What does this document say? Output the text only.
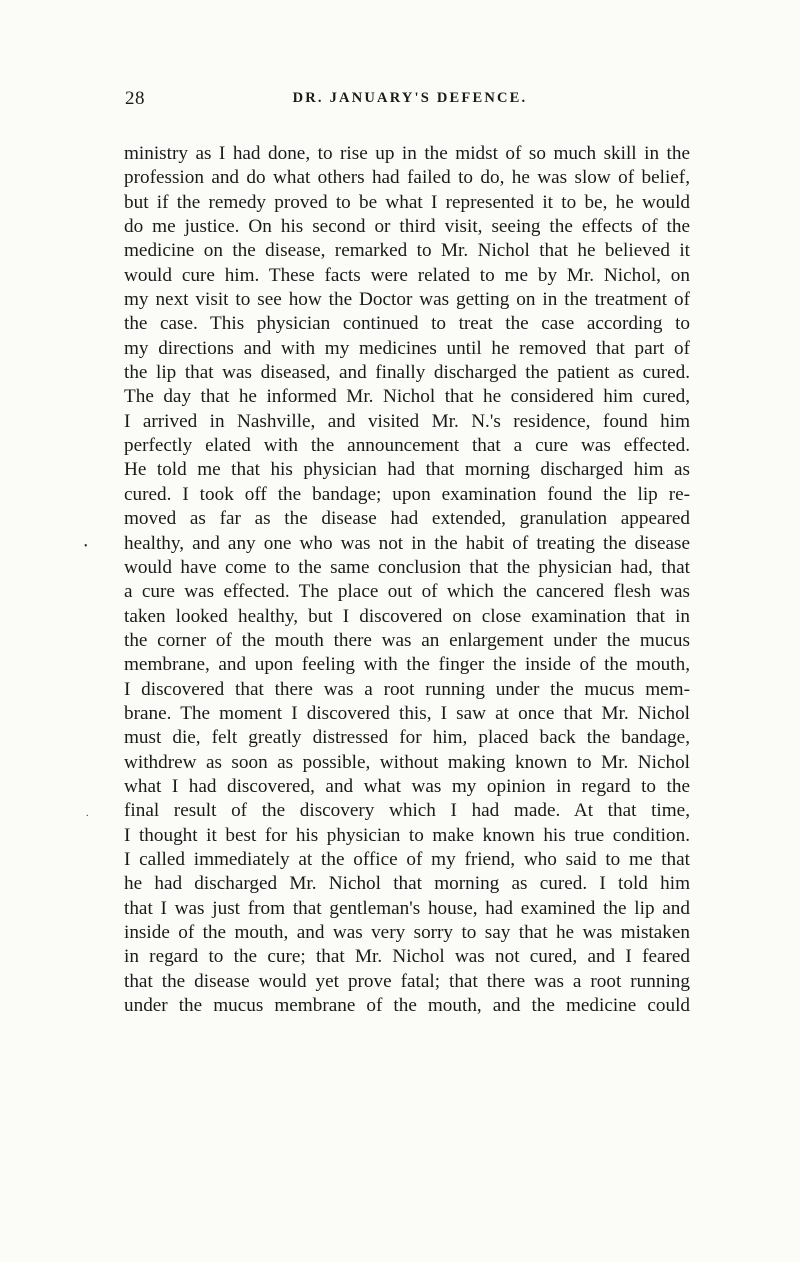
28	DR. JANUARY'S DEFENCE.
ministry as I had done, to rise up in the midst of so much skill in the
profession and do what others had failed to do, he was slow of belief,
but if the remedy proved to be what I represented it to be, he would
do me justice. On his second or third visit, seeing the effects of the
medicine on the disease, remarked to Mr. Nichol that he believed it
would cure him. These facts were related to me by Mr. Nichol, on
my next visit to see how the Doctor was getting on in the treatment of
the case. This physician continued to treat the case according to
my directions and with my medicines until he removed that part of
the lip that was diseased, and finally discharged the patient as cured.
The day that he informed Mr. Nichol that he considered him cured,
I arrived in Nashville, and visited Mr. N.'s residence, found him
perfectly elated with the announcement that a cure was effected.
He told me that his physician had that morning discharged him as
cured. I took off the bandage; upon examination found the lip re-
moved as far as the disease had extended, granulation appeared
healthy, and any one who was not in the habit of treating the disease
would have come to the same conclusion that the physician had, that
a cure was effected. The place out of which the cancered flesh was
taken looked healthy, but I discovered on close examination that in
the corner of the mouth there was an enlargement under the mucus
membrane, and upon feeling with the finger the inside of the mouth,
I discovered that there was a root running under the mucus mem-
brane. The moment I discovered this, I saw at once that Mr. Nichol
must die, felt greatly distressed for him, placed back the bandage,
withdrew as soon as possible, without making known to Mr. Nichol
what I had discovered, and what was my opinion in regard to the
final result of the discovery which I had made. At that time,
I thought it best for his physician to make known his true condition.
I called immediately at the office of my friend, who said to me that
he had discharged Mr. Nichol that morning as cured. I told him
that I was just from that gentleman's house, had examined the lip and
inside of the mouth, and was very sorry to say that he was mistaken
in regard to the cure; that Mr. Nichol was not cured, and I feared
that the disease would yet prove fatal; that there was a root running
under the mucus membrane of the mouth, and the medicine could
•
.
